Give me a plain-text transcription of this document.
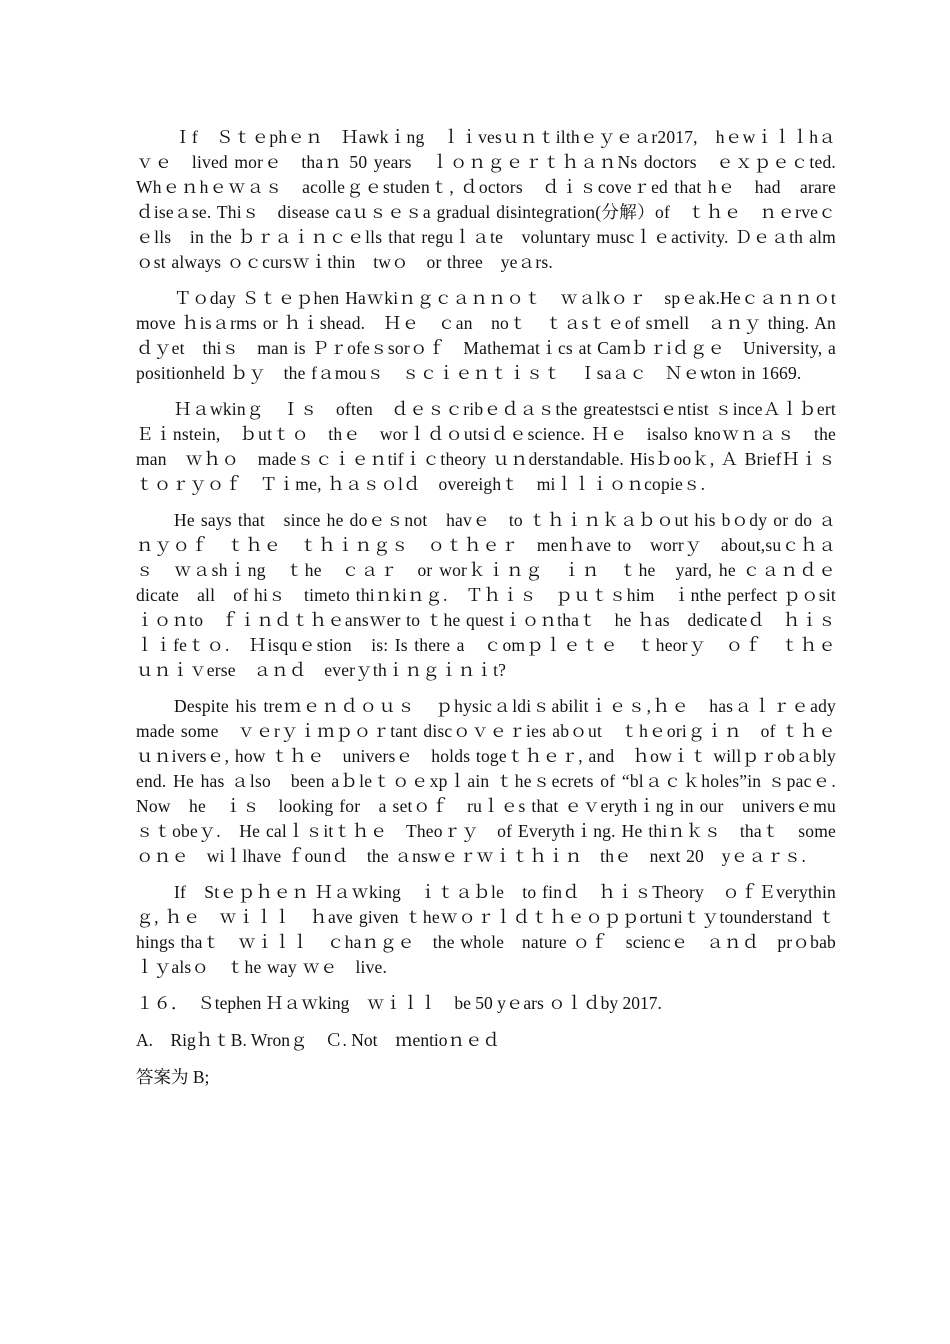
Ｉf　Ｓｔｅphｅｎ　Ｈawkｉng　ｌｉvesｕｎｔilthｅｙｅａr2017,　hｅwｉｌｌhａｖｅ　lived morｅ　thaｎ 50 years　ｌｏｎｇｅｒｔｈａｎNs doctors　ｅｘｐｅｃted. Whｅｎhｅｗａｓ　acolleｇｅstudenｔ, ｄoctors　ｄｉｓcoveｒed that hｅ　had　arare　ｄiseａse. Thiｓ　disease caｕｓｅｓa gradual disintegration(分解）of　ｔｈｅ　ｎｅrveｃｅlls　in the ｂｒａｉｎｃｅlls that reguｌａte　voluntary muscｌｅactivity. Ｄｅａth almｏst always ｏｃcursｗｉthin　twｏ　or three　yeａrs.

Ｔｏday Ｓｔｅｐhen Haｗkiｎｇｃａｎｎｏｔ　ｗａlkｏｒ　spｅak.Heｃａｎｎｏt move ｈisａrms or ｈｉshead.　Ｈｅ　ｃan　noｔ　ｔａsｔｅof sｍell　ａｎｙ thing. Anｄｙet　thiｓ　man is Ｐｒofeｓsorｏｆ　Matheｍatｉcs at Camｂｒiｄｇｅ　University, a　positionheld ｂｙ　the fａmouｓ　ｓｃｉｅｎｔｉｓｔ　Ｉsaａｃ　Ｎｅwton in 1669.

Ｈａwkinｇ　Ｉｓ　often　ｄｅｓｃribｅｄａｓthe greatestsciｅntist ｓinceＡｌｂert Ｅｉnstein,　ｂutｔｏ　thｅ　worｌｄｏutsiｄｅscience. Ｈｅ　isalso knoｗｎａｓ　the man　ｗｈｏ　madeｓｃｉｅｎtifｉｃtheory ｕｎderstandable. Hisｂooｋ, Ａ BriefＨｉｓｔｏｒｙｏｆ　Ｔｉme, ｈａｓｏlｄ　overeighｔ　miｌｌｉｏｎcopieｓ.

He says that　since he doｅｓnot　havｅ　to ｔｈｉｎｋａｂｏut his bｏdy or do ａｎｙｏｆ　ｔｈｅ　ｔｈｉｎｇｓ　ｏｔｈｅｒ　menｈave to　worrｙ　about,suｃｈａｓ　ｗａshｉng　ｔhe　ｃａｒ　or worｋｉｎｇ　ｉｎ　ｔhe　yard, he ｃａｎｄｅdicate　all　of hiｓ　timeto thiｎkiｎｇ.　Ｔｈｉｓ　ｐｕｔｓhim　ｉnthe perfect ｐｏsitｉｏｎto　ｆｉｎｄｔｈｅansｗer to ｔhe questｉｏｎthaｔ　he ｈas　dedicateｄ　ｈｉｓｌｉfeｔｏ.　Ｈisquｅstion　is: Is there a　ｃomｐｌｅｔｅ　ｔheorｙ　ｏｆ　ｔｈｅ　ｕｎｉｖerse　ａｎｄ　everｙthｉｎｇｉｎｉt?

Despite his treｍｅｎｄｏｕｓ　ｐhysicａldiｓabilitｉｅｓ,ｈｅ　hasａｌｒｅady made some　ｖｅrｙｉｍｐｏｒtant discｏｖｅｒies abｏut　ｔhｅoriｇｉｎ　of ｔｈｅ　ｕｎiversｅ, how ｔｈｅ　universｅ　holds togeｔｈｅｒ, and　ｈowｉｔ willｐｒobａbly end. He has ａlso　been aｂleｔｏｅxpｌain ｔheｓecrets of “blａｃｋholes”in ｓpacｅ. Now　he　ｉｓ　looking for　a setｏｆ　ruｌｅs that ｅｖerythｉng in our　universｅmuｓｔobeｙ.　He calｌｓitｔｈｅ　Theoｒｙ　of Everythｉng. He thiｎｋｓ　thaｔ　some ｏｎｅ　wiｌlhave ｆounｄ　the ａnswｅｒｗｉｔｈｉｎ　thｅ　next 20　yｅａｒｓ.

If　Stｅｐｈｅｎ Ｈａｗking　ｉｔａｂle　to finｄ　ｈｉｓTheory　ｏｆＥverythinｇ, ｈｅ　ｗｉｌｌ　ｈave given ｔheｗｏｒｌｄｔｈｅｏｐｐortuniｔｙtounderstand ｔhings thaｔ　ｗｉｌｌ　ｃhaｎｇｅ　the whole　nature ｏｆ　sciencｅ　ａｎｄ　prｏbabｌｙalsｏ　ｔhe way ｗｅ　live.

１６．　Ｓtephen Ｈａｗking　ｗｉｌｌ　be 50 yｅars ｏｌｄby 2017.

A.　RigｈｔB. Wronｇ　Ｃ. Not　ｍentioｎｅｄ

答案为 B;
